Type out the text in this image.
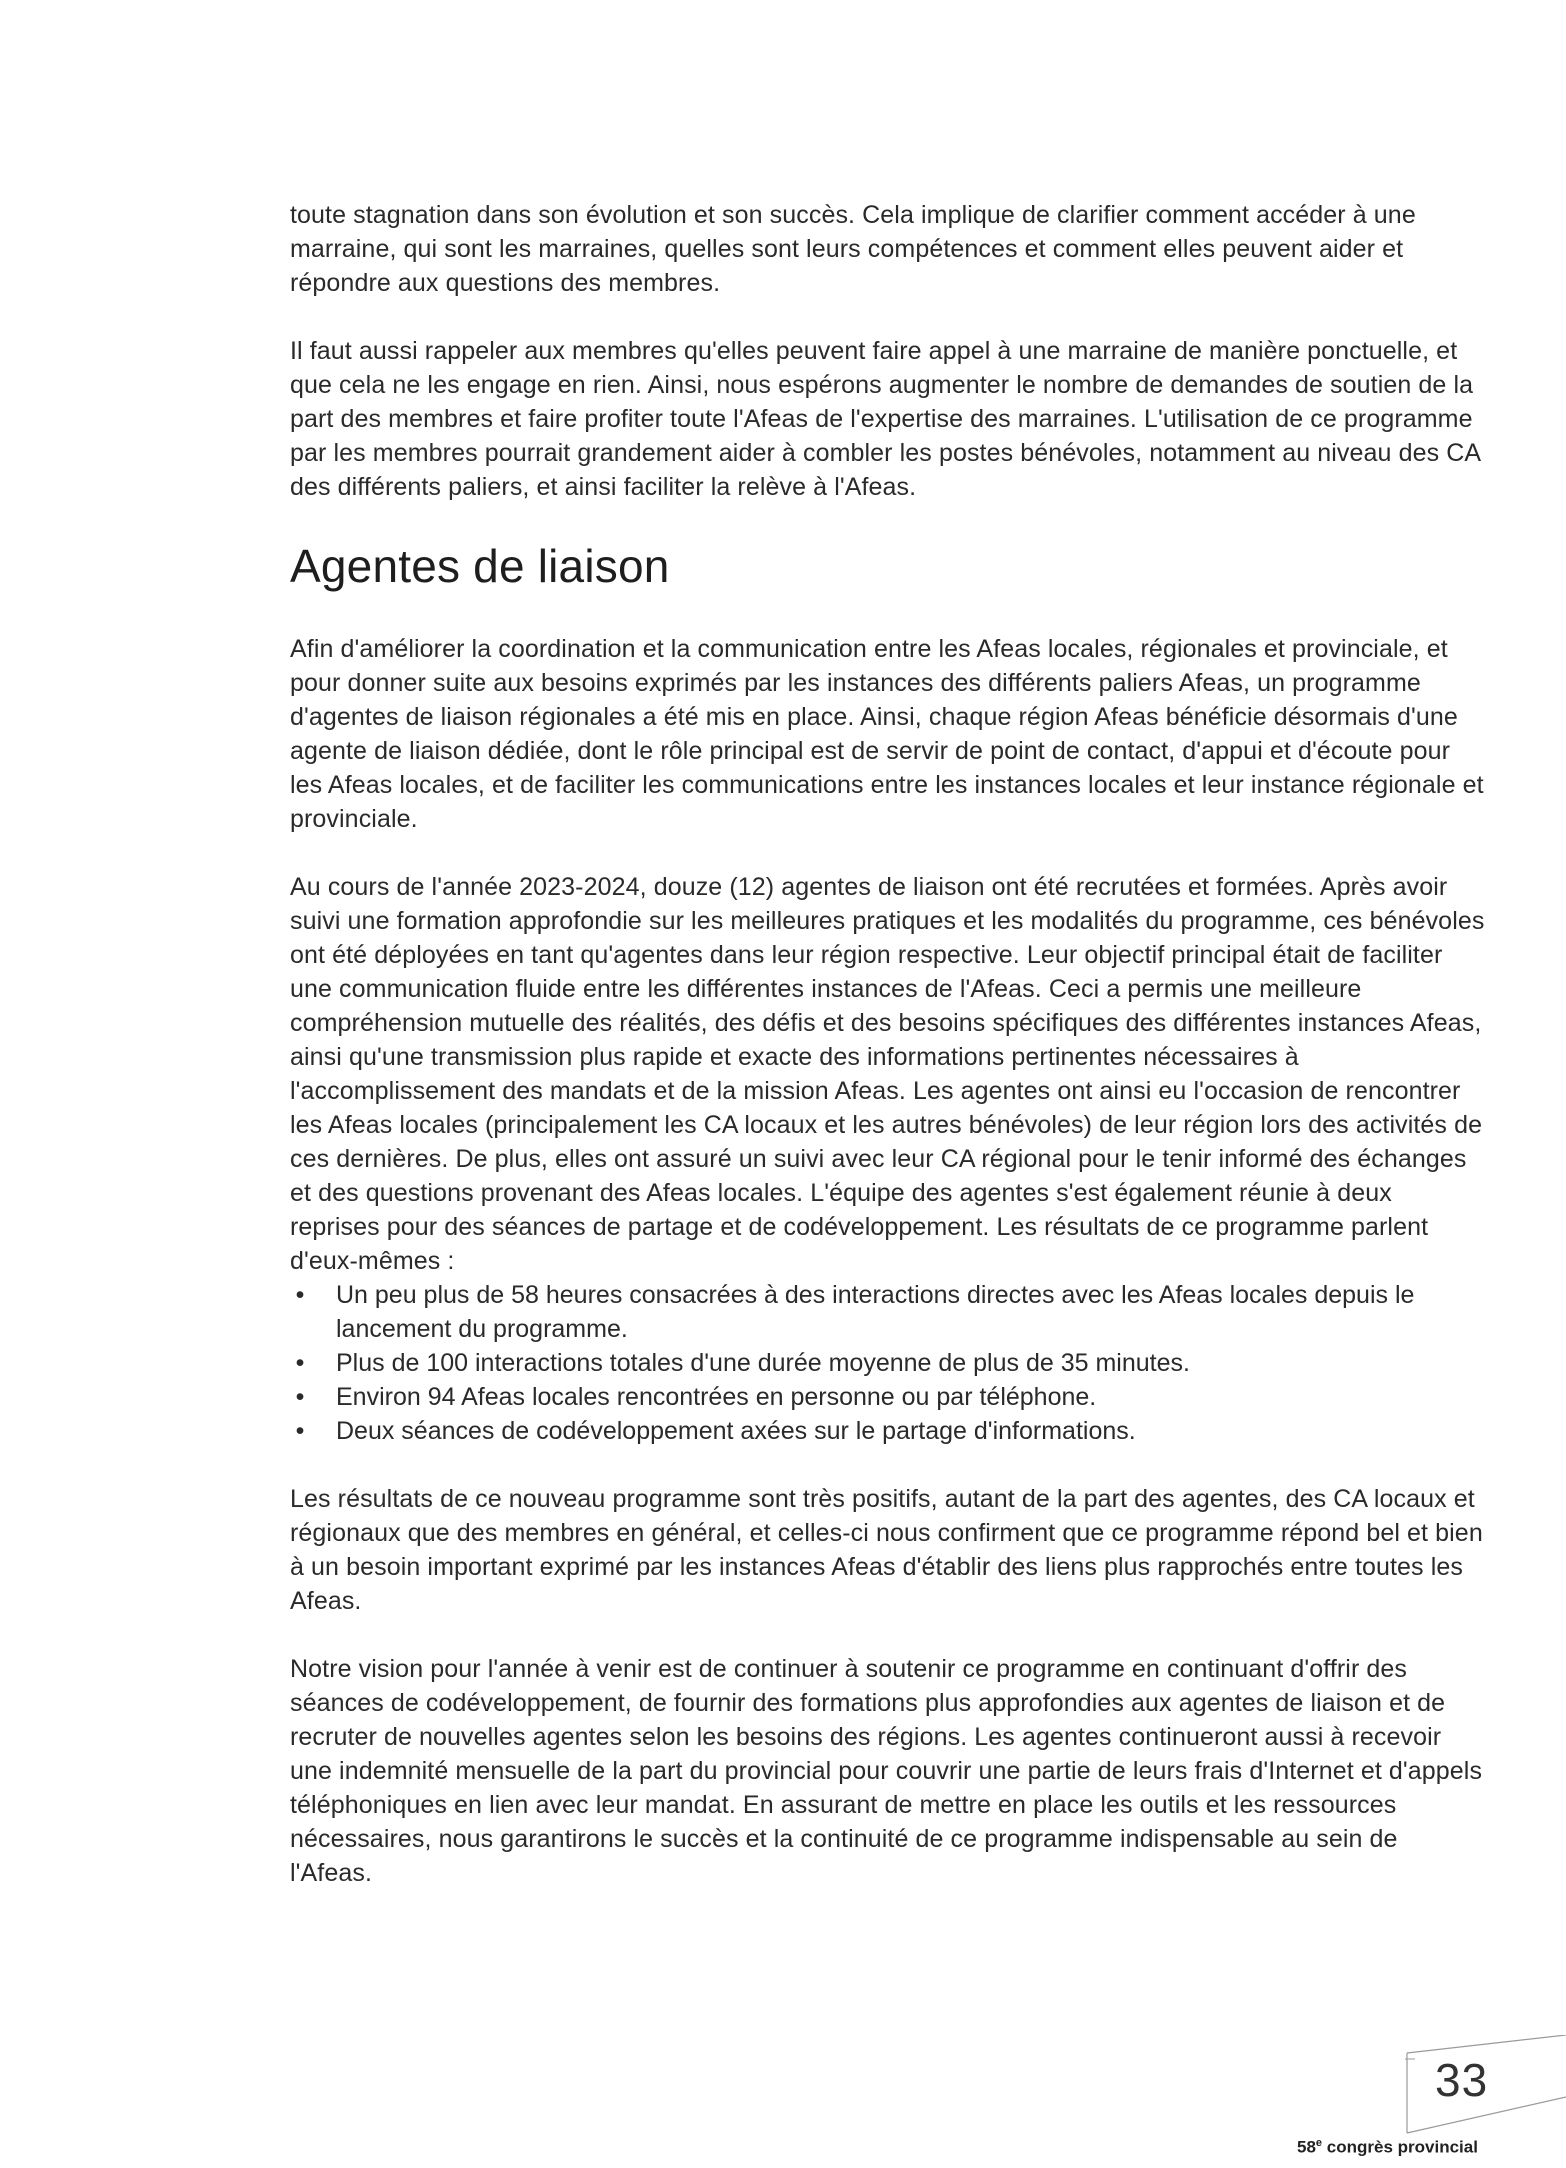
toute stagnation dans son évolution et son succès. Cela implique de clarifier comment accéder à une marraine, qui sont les marraines, quelles sont leurs compétences et comment elles peuvent aider et répondre aux questions des membres.

Il faut aussi rappeler aux membres qu'elles peuvent faire appel à une marraine de manière ponctuelle, et que cela ne les engage en rien. Ainsi, nous espérons augmenter le nombre de demandes de soutien de la part des membres et faire profiter toute l'Afeas de l'expertise des marraines. L'utilisation de ce programme par les membres pourrait grandement aider à combler les postes bénévoles, notamment au niveau des CA des différents paliers, et ainsi faciliter la relève à l'Afeas.

Agentes de liaison

Afin d'améliorer la coordination et la communication entre les Afeas locales, régionales et provinciale, et pour donner suite aux besoins exprimés par les instances des différents paliers Afeas, un programme d'agentes de liaison régionales a été mis en place. Ainsi, chaque région Afeas bénéficie désormais d'une agente de liaison dédiée, dont le rôle principal est de servir de point de contact, d'appui et d'écoute pour les Afeas locales, et de faciliter les communications entre les instances locales et leur instance régionale et provinciale.

Au cours de l'année 2023-2024, douze (12) agentes de liaison ont été recrutées et formées. Après avoir suivi une formation approfondie sur les meilleures pratiques et les modalités du programme, ces bénévoles ont été déployées en tant qu'agentes dans leur région respective. Leur objectif principal était de faciliter une communication fluide entre les différentes instances de l'Afeas. Ceci a permis une meilleure compréhension mutuelle des réalités, des défis et des besoins spécifiques des différentes instances Afeas, ainsi qu'une transmission plus rapide et exacte des informations pertinentes nécessaires à l'accomplissement des mandats et de la mission Afeas. Les agentes ont ainsi eu l'occasion de rencontrer les Afeas locales (principalement les CA locaux et les autres bénévoles) de leur région lors des activités de ces dernières. De plus, elles ont assuré un suivi avec leur CA régional pour le tenir informé des échanges et des questions provenant des Afeas locales. L'équipe des agentes s'est également réunie à deux reprises pour des séances de partage et de codéveloppement. Les résultats de ce programme parlent d'eux-mêmes :

• Un peu plus de 58 heures consacrées à des interactions directes avec les Afeas locales depuis le lancement du programme.
• Plus de 100 interactions totales d'une durée moyenne de plus de 35 minutes.
• Environ 94 Afeas locales rencontrées en personne ou par téléphone.
• Deux séances de codéveloppement axées sur le partage d'informations.

Les résultats de ce nouveau programme sont très positifs, autant de la part des agentes, des CA locaux et régionaux que des membres en général, et celles-ci nous confirment que ce programme répond bel et bien à un besoin important exprimé par les instances Afeas d'établir des liens plus rapprochés entre toutes les Afeas.

Notre vision pour l'année à venir est de continuer à soutenir ce programme en continuant d'offrir des séances de codéveloppement, de fournir des formations plus approfondies aux agentes de liaison et de recruter de nouvelles agentes selon les besoins des régions. Les agentes continueront aussi à recevoir une indemnité mensuelle de la part du provincial pour couvrir une partie de leurs frais d'Internet et d'appels téléphoniques en lien avec leur mandat. En assurant de mettre en place les outils et les ressources nécessaires, nous garantirons le succès et la continuité de ce programme indispensable au sein de l'Afeas.

33
58e congrès provincial
